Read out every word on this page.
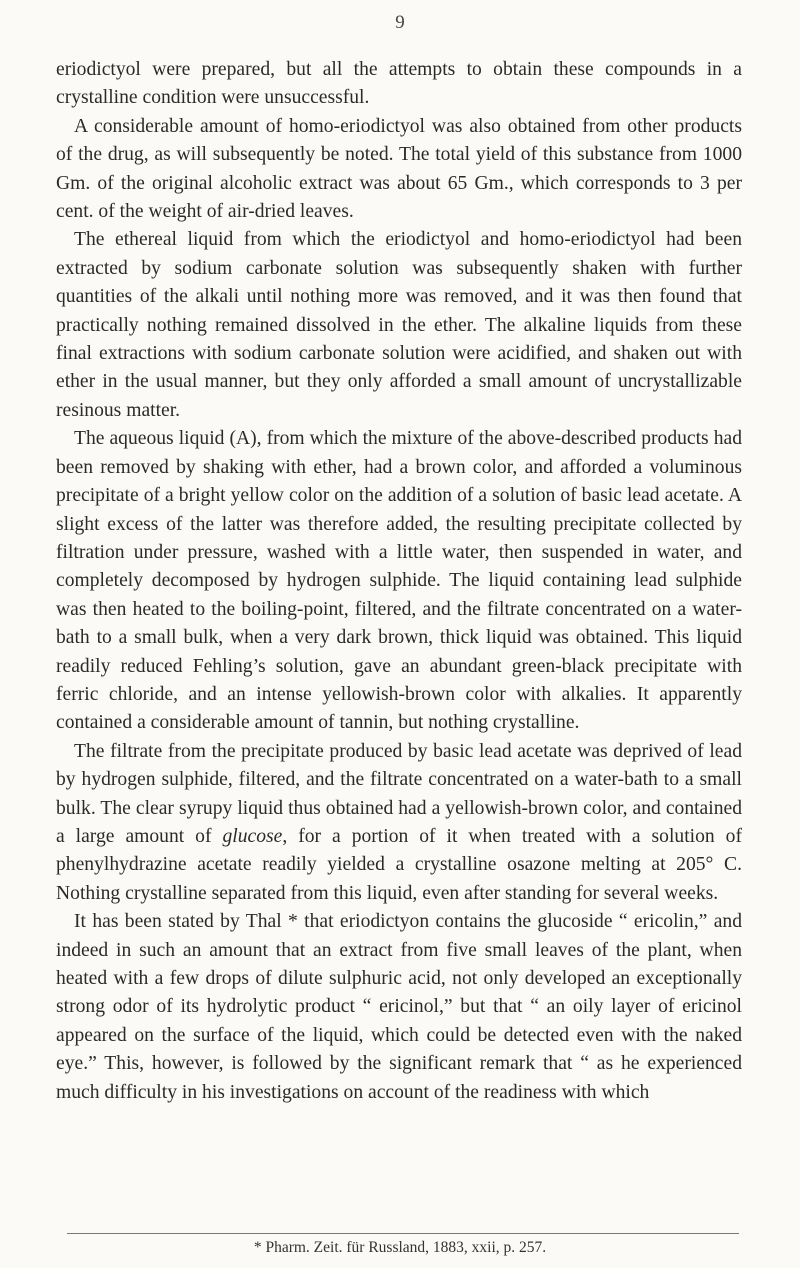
9

eriodictyol were prepared, but all the attempts to obtain these compounds in a crystalline condition were unsuccessful.

A considerable amount of homo-eriodictyol was also obtained from other products of the drug, as will subsequently be noted. The total yield of this substance from 1000 Gm. of the original alcoholic extract was about 65 Gm., which corresponds to 3 per cent. of the weight of air-dried leaves.

The ethereal liquid from which the eriodictyol and homo-eriodictyol had been extracted by sodium carbonate solution was subsequently shaken with further quantities of the alkali until nothing more was removed, and it was then found that practically nothing remained dissolved in the ether. The alkaline liquids from these final extractions with sodium carbonate solution were acidified, and shaken out with ether in the usual manner, but they only afforded a small amount of uncrystallizable resinous matter.

The aqueous liquid (A), from which the mixture of the above-described products had been removed by shaking with ether, had a brown color, and afforded a voluminous precipitate of a bright yellow color on the addition of a solution of basic lead acetate. A slight excess of the latter was therefore added, the resulting precipitate collected by filtration under pressure, washed with a little water, then suspended in water, and completely decomposed by hydrogen sulphide. The liquid containing lead sulphide was then heated to the boiling-point, filtered, and the filtrate concentrated on a water-bath to a small bulk, when a very dark brown, thick liquid was obtained. This liquid readily reduced Fehling’s solution, gave an abundant green-black precipitate with ferric chloride, and an intense yellowish-brown color with alkalies. It apparently contained a considerable amount of tannin, but nothing crystalline.

The filtrate from the precipitate produced by basic lead acetate was deprived of lead by hydrogen sulphide, filtered, and the filtrate concentrated on a water-bath to a small bulk. The clear syrupy liquid thus obtained had a yellowish-brown color, and contained a large amount of glucose, for a portion of it when treated with a solution of phenylhydrazine acetate readily yielded a crystalline osazone melting at 205° C. Nothing crystalline separated from this liquid, even after standing for several weeks.

It has been stated by Thal * that eriodictyon contains the glucoside “ ericolin,” and indeed in such an amount that an extract from five small leaves of the plant, when heated with a few drops of dilute sulphuric acid, not only developed an exceptionally strong odor of its hydrolytic product “ ericinol,” but that “ an oily layer of ericinol appeared on the surface of the liquid, which could be detected even with the naked eye.” This, however, is followed by the significant remark that “ as he experienced much difficulty in his investigations on account of the readiness with which

* Pharm. Zeit. für Russland, 1883, xxii, p. 257.
